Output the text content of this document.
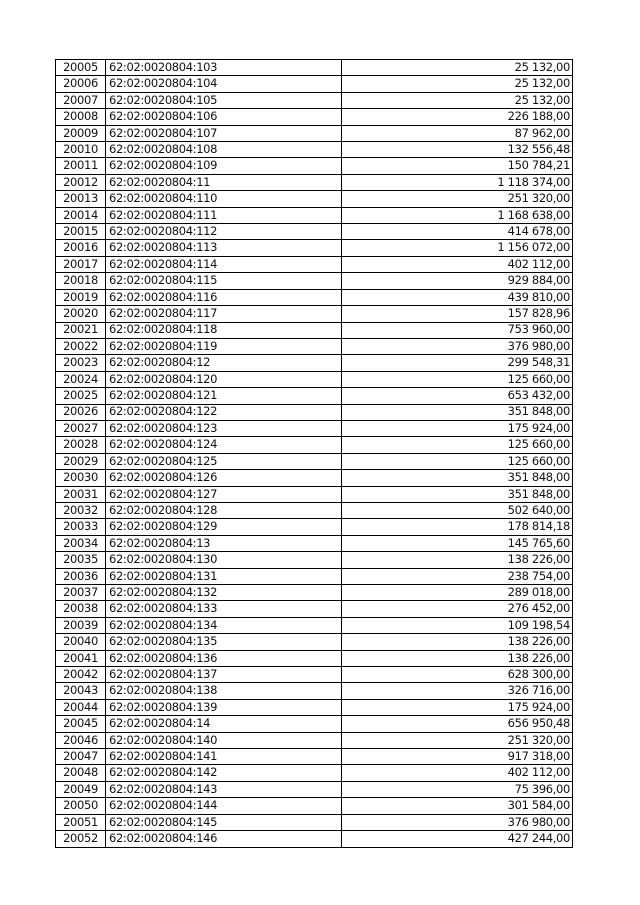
20005	62:02:0020804:103	25 132,00
20006	62:02:0020804:104	25 132,00
20007	62:02:0020804:105	25 132,00
20008	62:02:0020804:106	226 188,00
20009	62:02:0020804:107	87 962,00
20010	62:02:0020804:108	132 556,48
20011	62:02:0020804:109	150 784,21
20012	62:02:0020804:11	1 118 374,00
20013	62:02:0020804:110	251 320,00
20014	62:02:0020804:111	1 168 638,00
20015	62:02:0020804:112	414 678,00
20016	62:02:0020804:113	1 156 072,00
20017	62:02:0020804:114	402 112,00
20018	62:02:0020804:115	929 884,00
20019	62:02:0020804:116	439 810,00
20020	62:02:0020804:117	157 828,96
20021	62:02:0020804:118	753 960,00
20022	62:02:0020804:119	376 980,00
20023	62:02:0020804:12	299 548,31
20024	62:02:0020804:120	125 660,00
20025	62:02:0020804:121	653 432,00
20026	62:02:0020804:122	351 848,00
20027	62:02:0020804:123	175 924,00
20028	62:02:0020804:124	125 660,00
20029	62:02:0020804:125	125 660,00
20030	62:02:0020804:126	351 848,00
20031	62:02:0020804:127	351 848,00
20032	62:02:0020804:128	502 640,00
20033	62:02:0020804:129	178 814,18
20034	62:02:0020804:13	145 765,60
20035	62:02:0020804:130	138 226,00
20036	62:02:0020804:131	238 754,00
20037	62:02:0020804:132	289 018,00
20038	62:02:0020804:133	276 452,00
20039	62:02:0020804:134	109 198,54
20040	62:02:0020804:135	138 226,00
20041	62:02:0020804:136	138 226,00
20042	62:02:0020804:137	628 300,00
20043	62:02:0020804:138	326 716,00
20044	62:02:0020804:139	175 924,00
20045	62:02:0020804:14	656 950,48
20046	62:02:0020804:140	251 320,00
20047	62:02:0020804:141	917 318,00
20048	62:02:0020804:142	402 112,00
20049	62:02:0020804:143	75 396,00
20050	62:02:0020804:144	301 584,00
20051	62:02:0020804:145	376 980,00
20052	62:02:0020804:146	427 244,00
